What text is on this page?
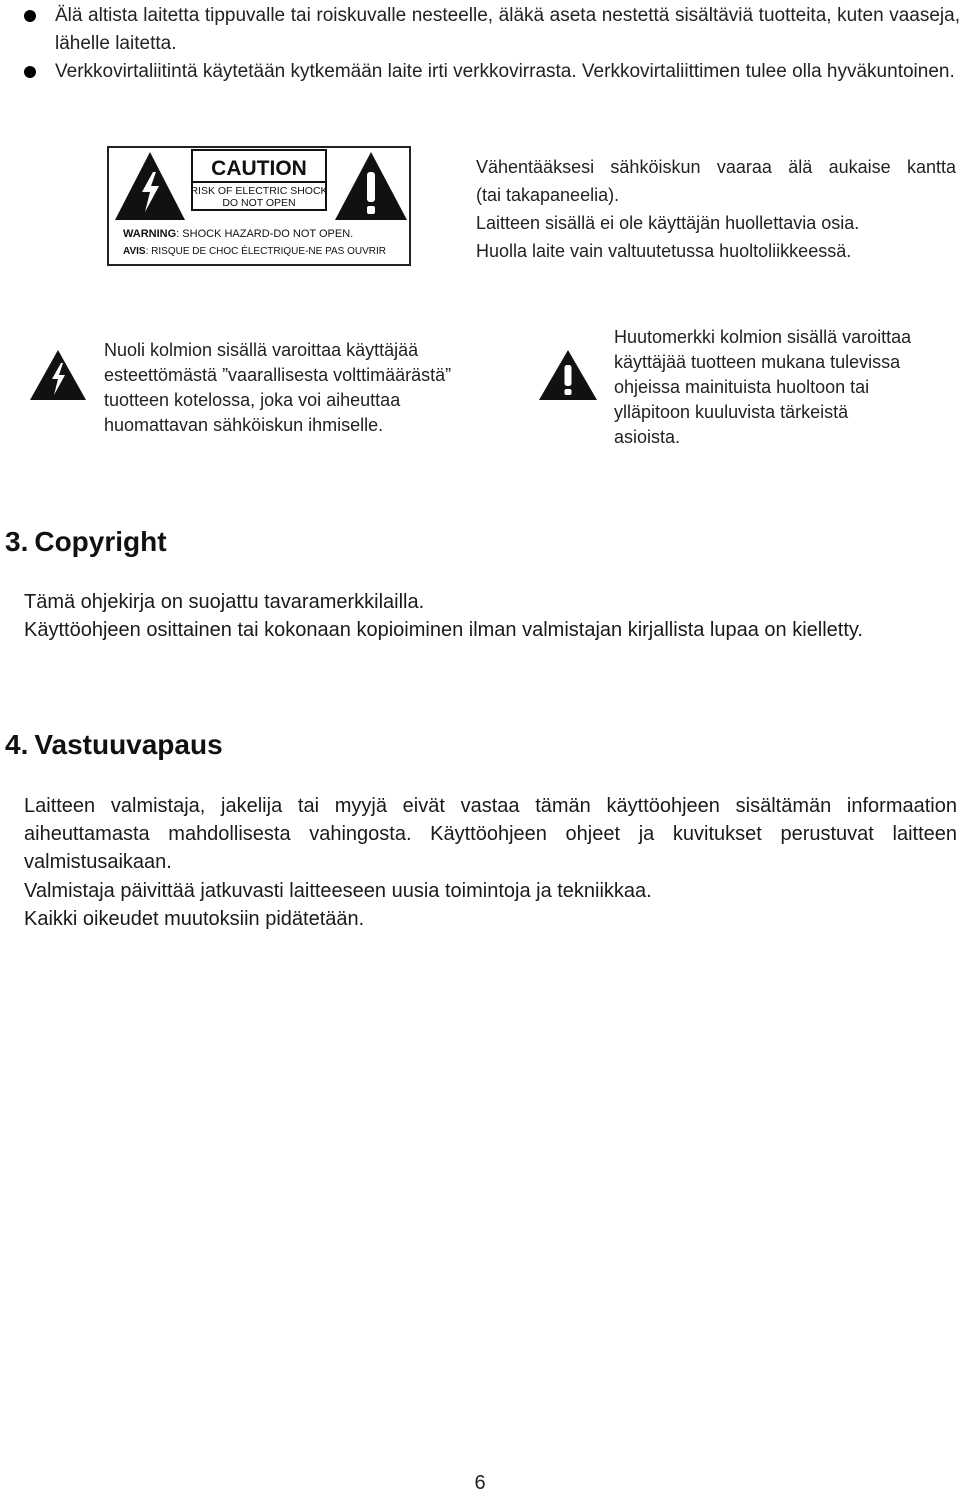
Älä altista laitetta tippuvalle tai roiskuvalle nesteelle, äläkä aseta nestettä sisältäviä tuotteita, kuten vaaseja, lähelle laitetta.
Verkkovirtaliitintä käytetään kytkemään laite irti verkkovirrasta. Verkkovirtaliittimen tulee olla hyväkuntoinen.
CAUTION
RISK OF ELECTRIC SHOCK
DO NOT OPEN
WARNING: SHOCK HAZARD-DO NOT OPEN.
AVIS: RISQUE DE CHOC ÉLECTRIQUE-NE PAS OUVRIR

Vähentääksesi sähköiskun vaaraa älä aukaise kantta

(tai takapaneelia).

Laitteen sisällä ei ole käyttäjän huollettavia osia.

Huolla laite vain valtuutetussa huoltoliikkeessä.

Nuoli kolmion sisällä varoittaa käyttäjää
esteettömästä ”vaarallisesta volttimäärästä”
tuotteen kotelossa, joka voi aiheuttaa
huomattavan sähköiskun ihmiselle.
Huutomerkki kolmion sisällä varoittaa
käyttäjää tuotteen mukana tulevissa
ohjeissa mainituista huoltoon tai
ylläpitoon kuuluvista tärkeistä
asioista.
3. Copyright

Tämä ohjekirja on suojattu tavaramerkkilailla.

Käyttöohjeen osittainen tai kokonaan kopioiminen ilman valmistajan kirjallista lupaa on kielletty.

4. Vastuuvapaus

Laitteen valmistaja, jakelija tai myyjä eivät vastaa tämän käyttöohjeen sisältämän informaation aiheuttamasta mahdollisesta vahingosta. Käyttöohjeen ohjeet ja kuvitukset perustuvat laitteen valmistusaikaan.

Valmistaja päivittää jatkuvasti laitteeseen uusia toimintoja ja tekniikkaa.

Kaikki oikeudet muutoksiin pidätetään.

6
